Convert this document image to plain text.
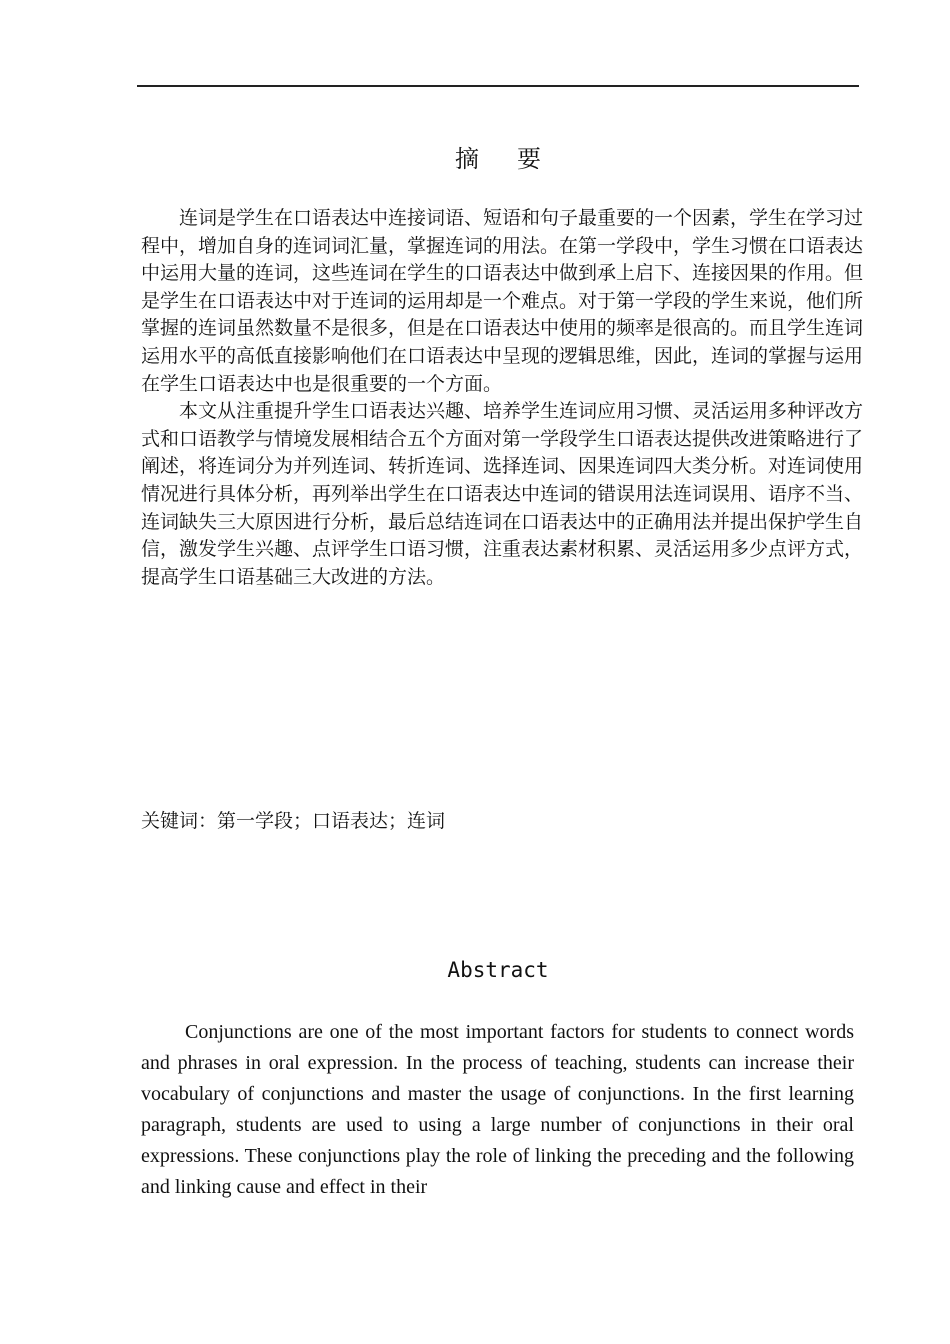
摘要

连词是学生在口语表达中连接词语、短语和句子最重要的一个因素，学生在学习过程中，增加自身的连词词汇量，掌握连词的用法。在第一学段中，学生习惯在口语表达中运用大量的连词，这些连词在学生的口语表达中做到承上启下、连接因果的作用。但是学生在口语表达中对于连词的运用却是一个难点。对于第一学段的学生来说，他们所掌握的连词虽然数量不是很多，但是在口语表达中使用的频率是很高的。而且学生连词运用水平的高低直接影响他们在口语表达中呈现的逻辑思维，因此，连词的掌握与运用在学生口语表达中也是很重要的一个方面。

本文从注重提升学生口语表达兴趣、培养学生连词应用习惯、灵活运用多种评改方式和口语教学与情境发展相结合五个方面对第一学段学生口语表达提供改进策略进行了阐述，将连词分为并列连词、转折连词、选择连词、因果连词四大类分析。对连词使用情况进行具体分析，再列举出学生在口语表达中连词的错误用法连词误用、语序不当、连词缺失三大原因进行分析，最后总结连词在口语表达中的正确用法并提出保护学生自信，激发学生兴趣、点评学生口语习惯，注重表达素材积累、灵活运用多少点评方式，提高学生口语基础三大改进的方法。

关键词：第一学段；口语表达；连词
Abstract

Conjunctions are one of the most important factors for students to connect words and phrases in oral expression. In the process of teaching, students can increase their vocabulary of conjunctions and master the usage of conjunctions. In the first learning paragraph, students are used to using a large number of conjunctions in their oral expressions. These conjunctions play the role of linking the preceding and the following and linking cause and effect in their
